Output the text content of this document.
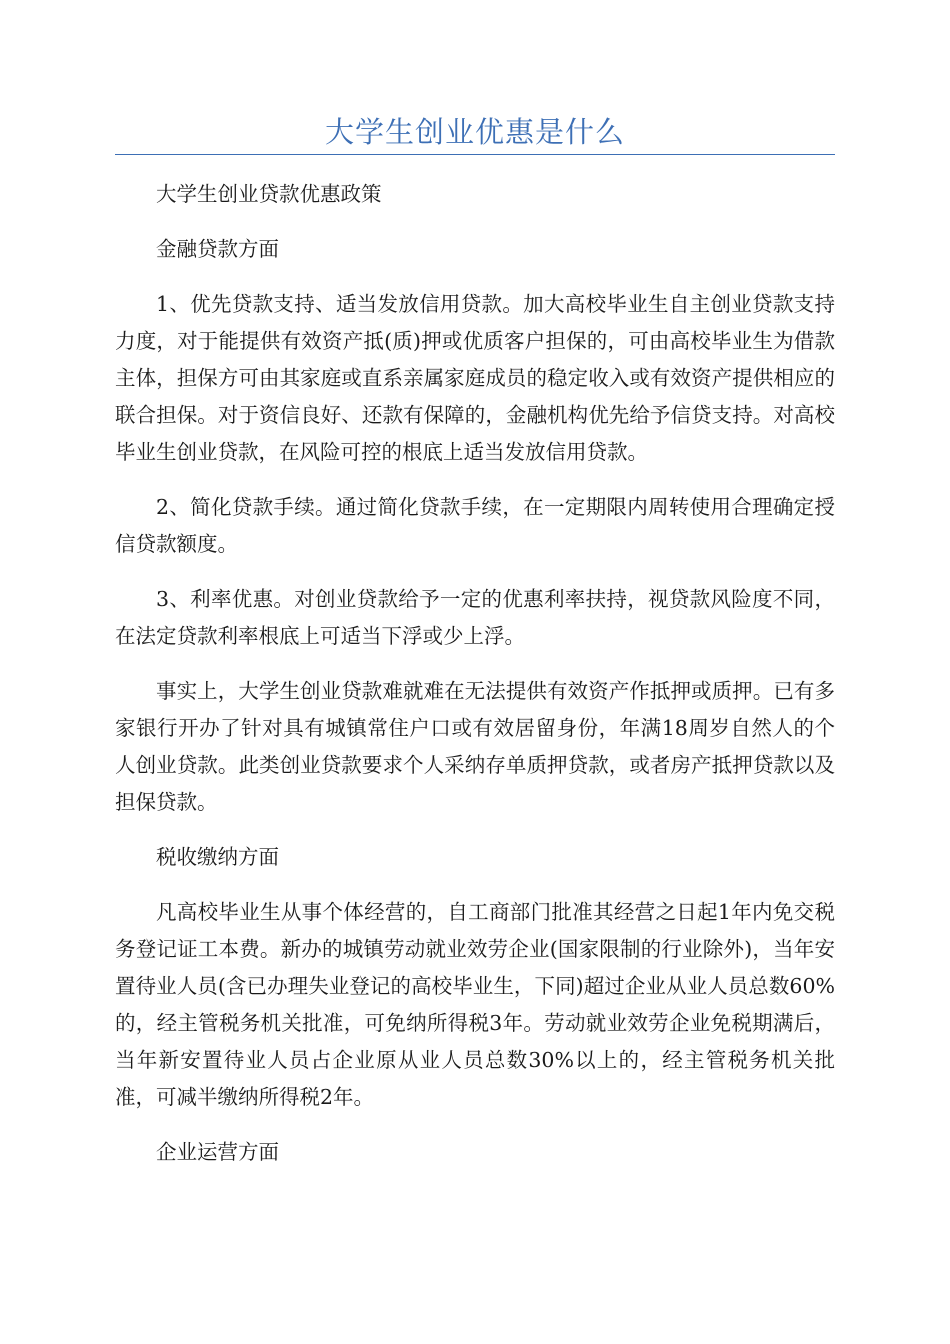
大学生创业优惠是什么

大学生创业贷款优惠政策

金融贷款方面

1、优先贷款支持、适当发放信用贷款。加大高校毕业生自主创业贷款支持力度，对于能提供有效资产抵(质)押或优质客户担保的，可由高校毕业生为借款主体，担保方可由其家庭或直系亲属家庭成员的稳定收入或有效资产提供相应的联合担保。对于资信良好、还款有保障的，金融机构优先给予信贷支持。对高校毕业生创业贷款，在风险可控的根底上适当发放信用贷款。

2、简化贷款手续。通过简化贷款手续，在一定期限内周转使用合理确定授信贷款额度。

3、利率优惠。对创业贷款给予一定的优惠利率扶持，视贷款风险度不同，在法定贷款利率根底上可适当下浮或少上浮。

事实上，大学生创业贷款难就难在无法提供有效资产作抵押或质押。已有多家银行开办了针对具有城镇常住户口或有效居留身份，年满18周岁自然人的个人创业贷款。此类创业贷款要求个人采纳存单质押贷款，或者房产抵押贷款以及担保贷款。

税收缴纳方面

凡高校毕业生从事个体经营的，自工商部门批准其经营之日起1年内免交税务登记证工本费。新办的城镇劳动就业效劳企业(国家限制的行业除外)，当年安置待业人员(含已办理失业登记的高校毕业生，下同)超过企业从业人员总数60%的，经主管税务机关批准，可免纳所得税3年。劳动就业效劳企业免税期满后，当年新安置待业人员占企业原从业人员总数30%以上的，经主管税务机关批准，可减半缴纳所得税2年。

企业运营方面
